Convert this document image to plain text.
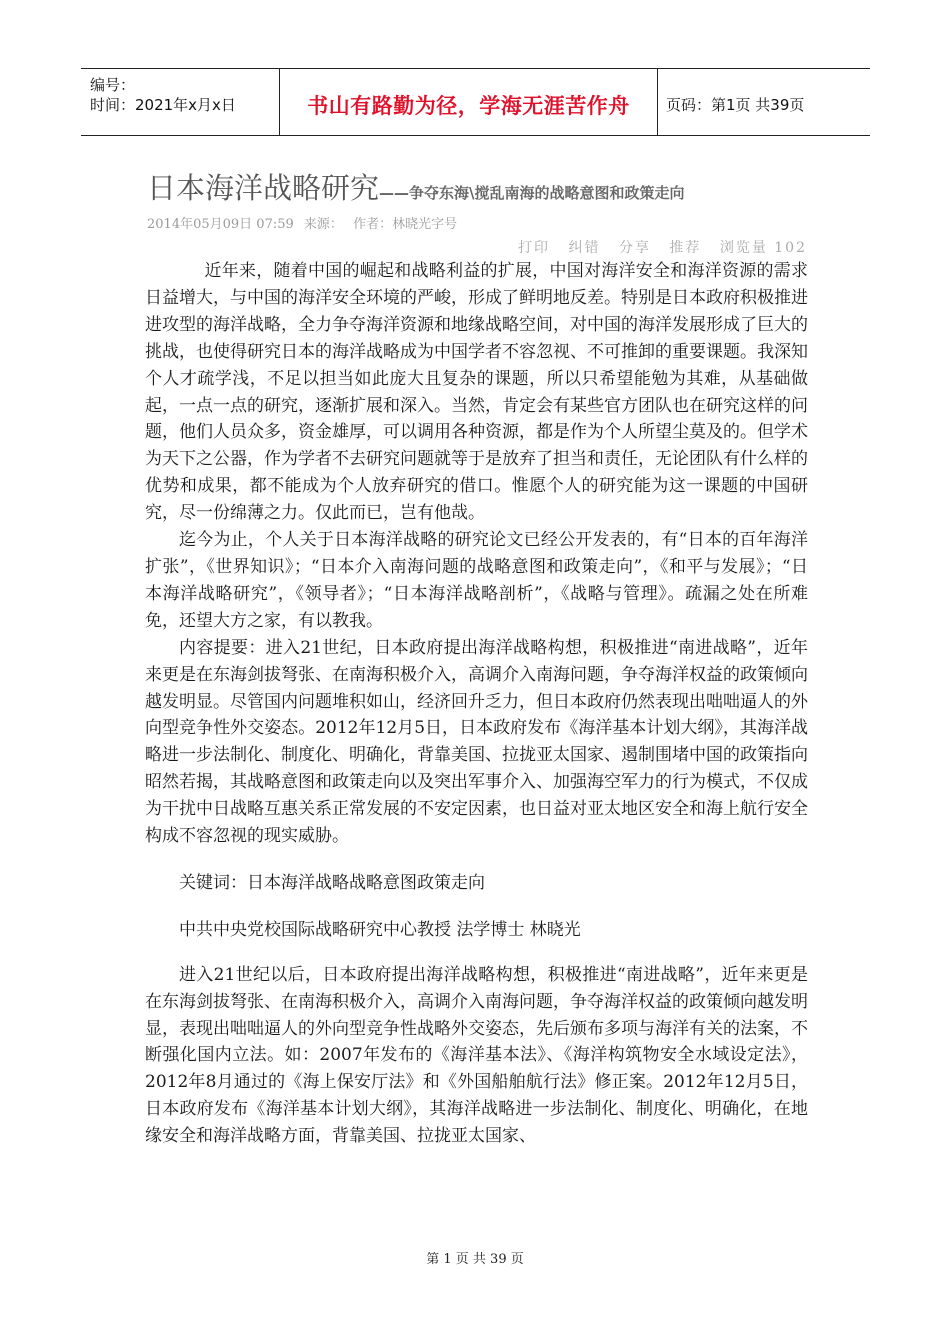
编号：
时间：2021年x月x日	书山有路勤为径，学海无涯苦作舟	页码：第1页 共39页
日本海洋战略研究——争夺东海\搅乱南海的战略意图和政策走向
2014年05月09日 07:59 来源： 作者：林晓光字号
打印 纠错 分享 推荐 浏览量 102

近年来，随着中国的崛起和战略利益的扩展，中国对海洋安全和海洋资源的需求日益增大，与中国的海洋安全环境的严峻，形成了鲜明地反差。特别是日本政府积极推进进攻型的海洋战略，全力争夺海洋资源和地缘战略空间，对中国的海洋发展形成了巨大的挑战，也使得研究日本的海洋战略成为中国学者不容忽视、不可推卸的重要课题。我深知个人才疏学浅，不足以担当如此庞大且复杂的课题，所以只希望能勉为其难，从基础做起，一点一点的研究，逐渐扩展和深入。当然，肯定会有某些官方团队也在研究这样的问题，他们人员众多，资金雄厚，可以调用各种资源，都是作为个人所望尘莫及的。但学术为天下之公器，作为学者不去研究问题就等于是放弃了担当和责任，无论团队有什么样的优势和成果，都不能成为个人放弃研究的借口。惟愿个人的研究能为这一课题的中国研究，尽一份绵薄之力。仅此而已，岂有他哉。

迄今为止，个人关于日本海洋战略的研究论文已经公开发表的，有“日本的百年海洋扩张”，《世界知识》；“日本介入南海问题的战略意图和政策走向”，《和平与发展》；“日本海洋战略研究”，《领导者》；“日本海洋战略剖析”，《战略与管理》。疏漏之处在所难免，还望大方之家，有以教我。

内容提要：进入21世纪，日本政府提出海洋战略构想，积极推进“南进战略”，近年来更是在东海剑拔弩张、在南海积极介入，高调介入南海问题，争夺海洋权益的政策倾向越发明显。尽管国内问题堆积如山，经济回升乏力，但日本政府仍然表现出咄咄逼人的外向型竞争性外交姿态。2012年12月5日，日本政府发布《海洋基本计划大纲》，其海洋战略进一步法制化、制度化、明确化，背靠美国、拉拢亚太国家、遏制围堵中国的政策指向昭然若揭，其战略意图和政策走向以及突出军事介入、加强海空军力的行为模式，不仅成为干扰中日战略互惠关系正常发展的不安定因素，也日益对亚太地区安全和海上航行安全构成不容忽视的现实威胁。

关键词：日本海洋战略战略意图政策走向

中共中央党校国际战略研究中心教授 法学博士 林晓光

进入21世纪以后，日本政府提出海洋战略构想，积极推进“南进战略”，近年来更是在东海剑拔弩张、在南海积极介入，高调介入南海问题，争夺海洋权益的政策倾向越发明显，表现出咄咄逼人的外向型竞争性战略外交姿态，先后颁布多项与海洋有关的法案，不断强化国内立法。如：2007年发布的《海洋基本法》、《海洋构筑物安全水域设定法》，2012年8月通过的《海上保安厅法》和《外国船舶航行法》修正案。2012年12月5日，日本政府发布《海洋基本计划大纲》，其海洋战略进一步法制化、制度化、明确化，在地缘安全和海洋战略方面，背靠美国、拉拢亚太国家、

第 1 页 共 39 页
